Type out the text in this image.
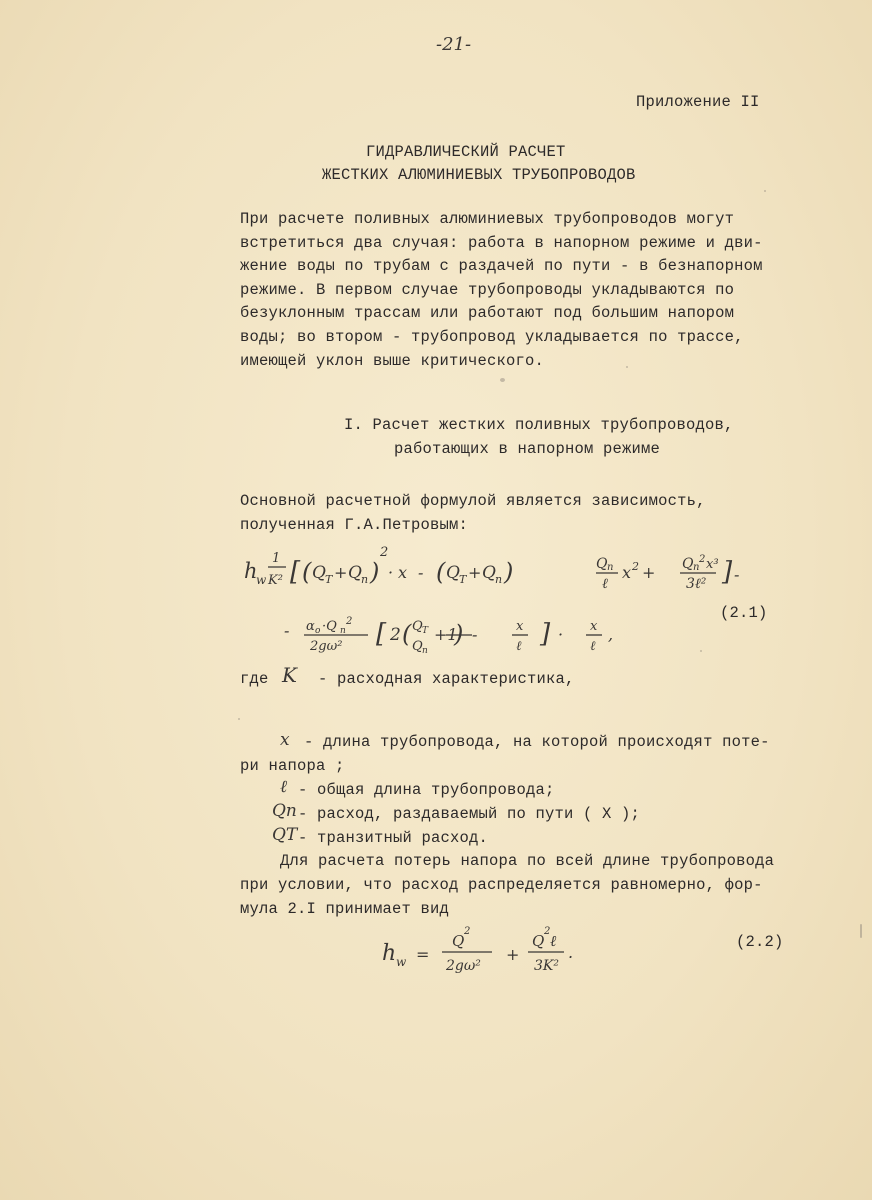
-21-
Приложение II
ГИДРАВЛИЧЕСКИЙ РАСЧЕТ
ЖЕСТКИХ АЛЮМИНИЕВЫХ ТРУБОПРОВОДОВ
При расчете поливных алюминиевых трубопроводов могут
встретиться два случая: работа в напорном режиме и дви-
жение воды по трубам с раздачей по пути - в безнапорном
режиме. В первом случае трубопроводы укладываются по
безуклонным трассам или работают под большим напором
воды; во втором - трубопровод укладывается по трассе,
имеющей уклон выше критического.
I. Расчет жестких поливных трубопроводов,
работающих в напорном режиме
Основной расчетной формулой является зависимость,
полученная Г.А.Петровым:
h
w
1
K² [ ( Q T + Q п )
2
· x - ( Q T + Q п )	Q п
ℓ
x 2 + Q п
2 x³
3ℓ² ] -
- α о ·Q п
2
2gω² [ 2 ( Q T
Q п
+1
) -	x
ℓ ] · x
ℓ
,
(2.1)
где K - расходная характеристика,
x - длина трубопровода, на которой происходят поте-
ри напора ;
ℓ - общая длина трубопровода;
Qп - расход, раздаваемый по пути ( X );
QT - транзитный расход.
Для расчета потерь напора по всей длине трубопровода
при условии, что расход распределяется равномерно, фор-
мула 2.I принимает вид
h w =
Q
2
2gω²
+
Q
2
ℓ
3K²
.
(2.2)
